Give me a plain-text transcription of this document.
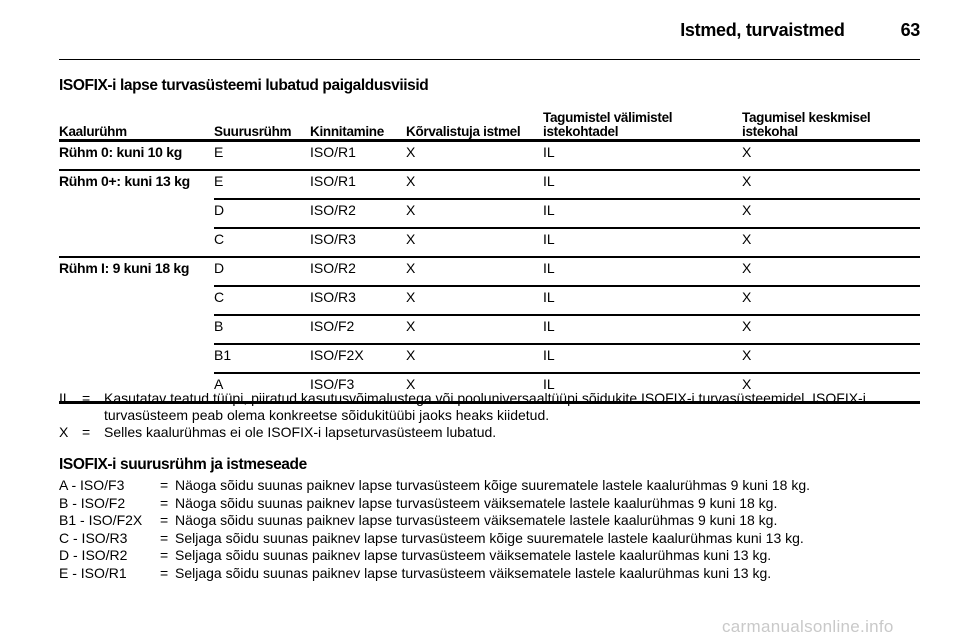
Istmed, turvaistmed	63
ISOFIX-i lapse turvasüsteemi lubatud paigaldusviisid
Kaalurühm	Suurusrühm	Kinnitamine	Kõrvalistuja istmel	Tagumistel välimistel istekohtadel	Tagumisel keskmisel istekohal
Rühm 0: kuni 10 kg	E	ISO/R1	X	IL	X
Rühm 0+: kuni 13 kg	E	ISO/R1	X	IL	X
	D	ISO/R2	X	IL	X
	C	ISO/R3	X	IL	X
Rühm I: 9 kuni 18 kg	D	ISO/R2	X	IL	X
	C	ISO/R3	X	IL	X
	B	ISO/F2	X	IL	X
	B1	ISO/F2X	X	IL	X
	A	ISO/F3	X	IL	X
IL = Kasutatav teatud tüüpi, piiratud kasutusvõimalustega või pooluniversaaltüüpi sõidukite ISOFIX-i turvasüsteemidel. ISOFIX-i turvasüsteem peab olema konkreetse sõidukitüübi jaoks heaks kiidetud.
X = Selles kaalurühmas ei ole ISOFIX-i lapseturvasüsteem lubatud.
ISOFIX-i suurusrühm ja istmeseade
A - ISO/F3	= Näoga sõidu suunas paiknev lapse turvasüsteem kõige suurematele lastele kaalurühmas 9 kuni 18 kg.
B - ISO/F2	= Näoga sõidu suunas paiknev lapse turvasüsteem väiksematele lastele kaalurühmas 9 kuni 18 kg.
B1 - ISO/F2X	= Näoga sõidu suunas paiknev lapse turvasüsteem väiksematele lastele kaalurühmas 9 kuni 18 kg.
C - ISO/R3	= Seljaga sõidu suunas paiknev lapse turvasüsteem kõige suurematele lastele kaalurühmas kuni 13 kg.
D - ISO/R2	= Seljaga sõidu suunas paiknev lapse turvasüsteem väiksematele lastele kaalurühmas kuni 13 kg.
E - ISO/R1	= Seljaga sõidu suunas paiknev lapse turvasüsteem väiksematele lastele kaalurühmas kuni 13 kg.
carmanualsonline.info
